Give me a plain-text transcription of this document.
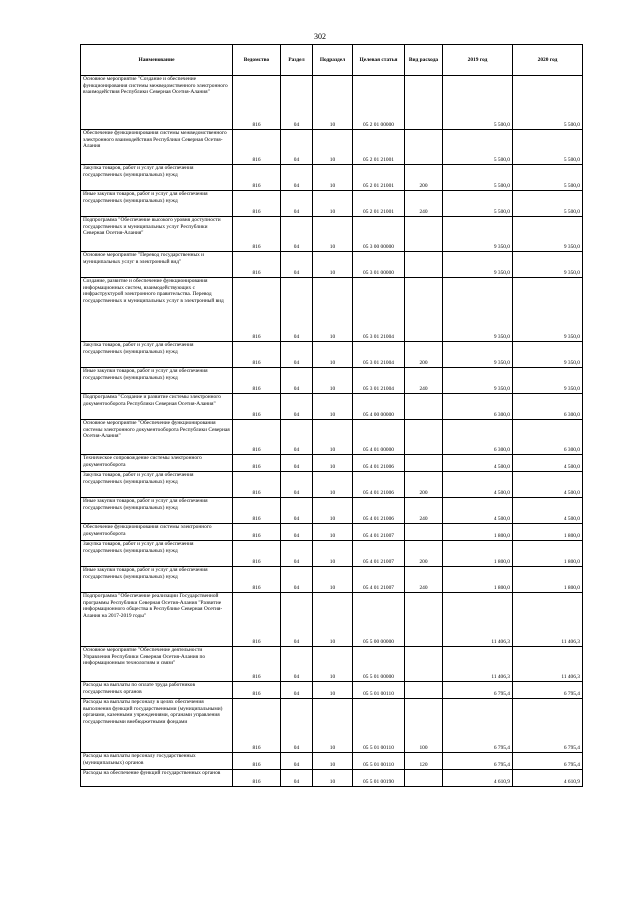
302
Наименование	Ведомство	Раздел	Подраздел	Целевая статья	Вид расхода	2019 год	2020 год
Основное мероприятие "Создание и обеспечение функционирования системы межведомственного электронного взаимодействия Республики Северная Осетия-Алания"	816	04	10	05 2 01 00000		5 500,0	5 500,0
Обеспечение функционирования системы межведомственного электронного взаимодействия Республики Северная Осетия-Алания	816	04	10	05 2 01 21001		5 500,0	5 500,0
Закупка товаров, работ и услуг для обеспечения государственных (муниципальных) нужд	816	04	10	05 2 01 21001	200	5 500,0	5 500,0
Иные закупки товаров, работ и услуг для обеспечения государственных (муниципальных) нужд	816	04	10	05 2 01 21001	240	5 500,0	5 500,0
Подпрограмма "Обеспечение высокого уровня доступности государственных и муниципальных услуг Республики Северная Осетия-Алания"	816	04	10	05 3 00 00000		9 350,0	9 350,0
Основное мероприятие "Перевод государственных и муниципальных услуг в электронный вид"	816	04	10	05 3 01 00000		9 350,0	9 350,0
Создание, развитие и обеспечение функционирования информационных систем, взаимодействующих с инфраструктурой электронного правительства. Перевод государственных и муниципальных услуг в электронный вид	816	04	10	05 3 01 21004		9 350,0	9 350,0
Закупка товаров, работ и услуг для обеспечения государственных (муниципальных) нужд	816	04	10	05 3 01 21004	200	9 350,0	9 350,0
Иные закупки товаров, работ и услуг для обеспечения государственных (муниципальных) нужд	816	04	10	05 3 01 21004	240	9 350,0	9 350,0
Подпрограмма "Создание и развитие системы электронного документооборота Республики Северная Осетия-Алания"	816	04	10	05 4 00 00000		6 300,0	6 300,0
Основное мероприятие "Обеспечение функционирования системы электронного документооборота Республики Северная Осетия-Алания"	816	04	10	05 4 01 00000		6 300,0	6 300,0
Техническое сопровождение системы электронного документооборота	816	04	10	05 4 01 21006		4 500,0	4 500,0
Закупка товаров, работ и услуг для обеспечения государственных (муниципальных) нужд	816	04	10	05 4 01 21006	200	4 500,0	4 500,0
Иные закупки товаров, работ и услуг для обеспечения государственных (муниципальных) нужд	816	04	10	05 4 01 21006	240	4 500,0	4 500,0
Обеспечение функционирования системы электронного документооборота	816	04	10	05 4 01 21007		1 800,0	1 800,0
Закупка товаров, работ и услуг для обеспечения государственных (муниципальных) нужд	816	04	10	05 4 01 21007	200	1 800,0	1 800,0
Иные закупки товаров, работ и услуг для обеспечения государственных (муниципальных) нужд	816	04	10	05 4 01 21007	240	1 800,0	1 800,0
Подпрограмма "Обеспечение реализации Государственной программы Республики Северная Осетия-Алания "Развитие информационного общества в Республике Северная Осетия-Алания на 2017-2019 годы"	816	04	10	05 5 00 00000		11 406,3	11 406,3
Основное мероприятие "Обеспечение деятельности Управления Республики Северная Осетия-Алания по информационным технологиям и связи"	816	04	10	05 5 01 00000		11 406,3	11 406,3
Расходы на выплаты по оплате труда работников государственных органов	816	04	10	05 5 01 00110		6 795,4	6 795,4
Расходы на выплаты персоналу в целях обеспечения выполнения функций государственными (муниципальными) органами, казенными учреждениями, органами управления государственными внебюджетными фондами	816	04	10	05 5 01 00110	100	6 795,4	6 795,4
Расходы на выплаты персоналу государственных (муниципальных) органов	816	04	10	05 5 01 00110	120	6 795,4	6 795,4
Расходы на обеспечение функций государственных органов	816	04	10	05 5 01 00190		4 610,9	4 610,9
